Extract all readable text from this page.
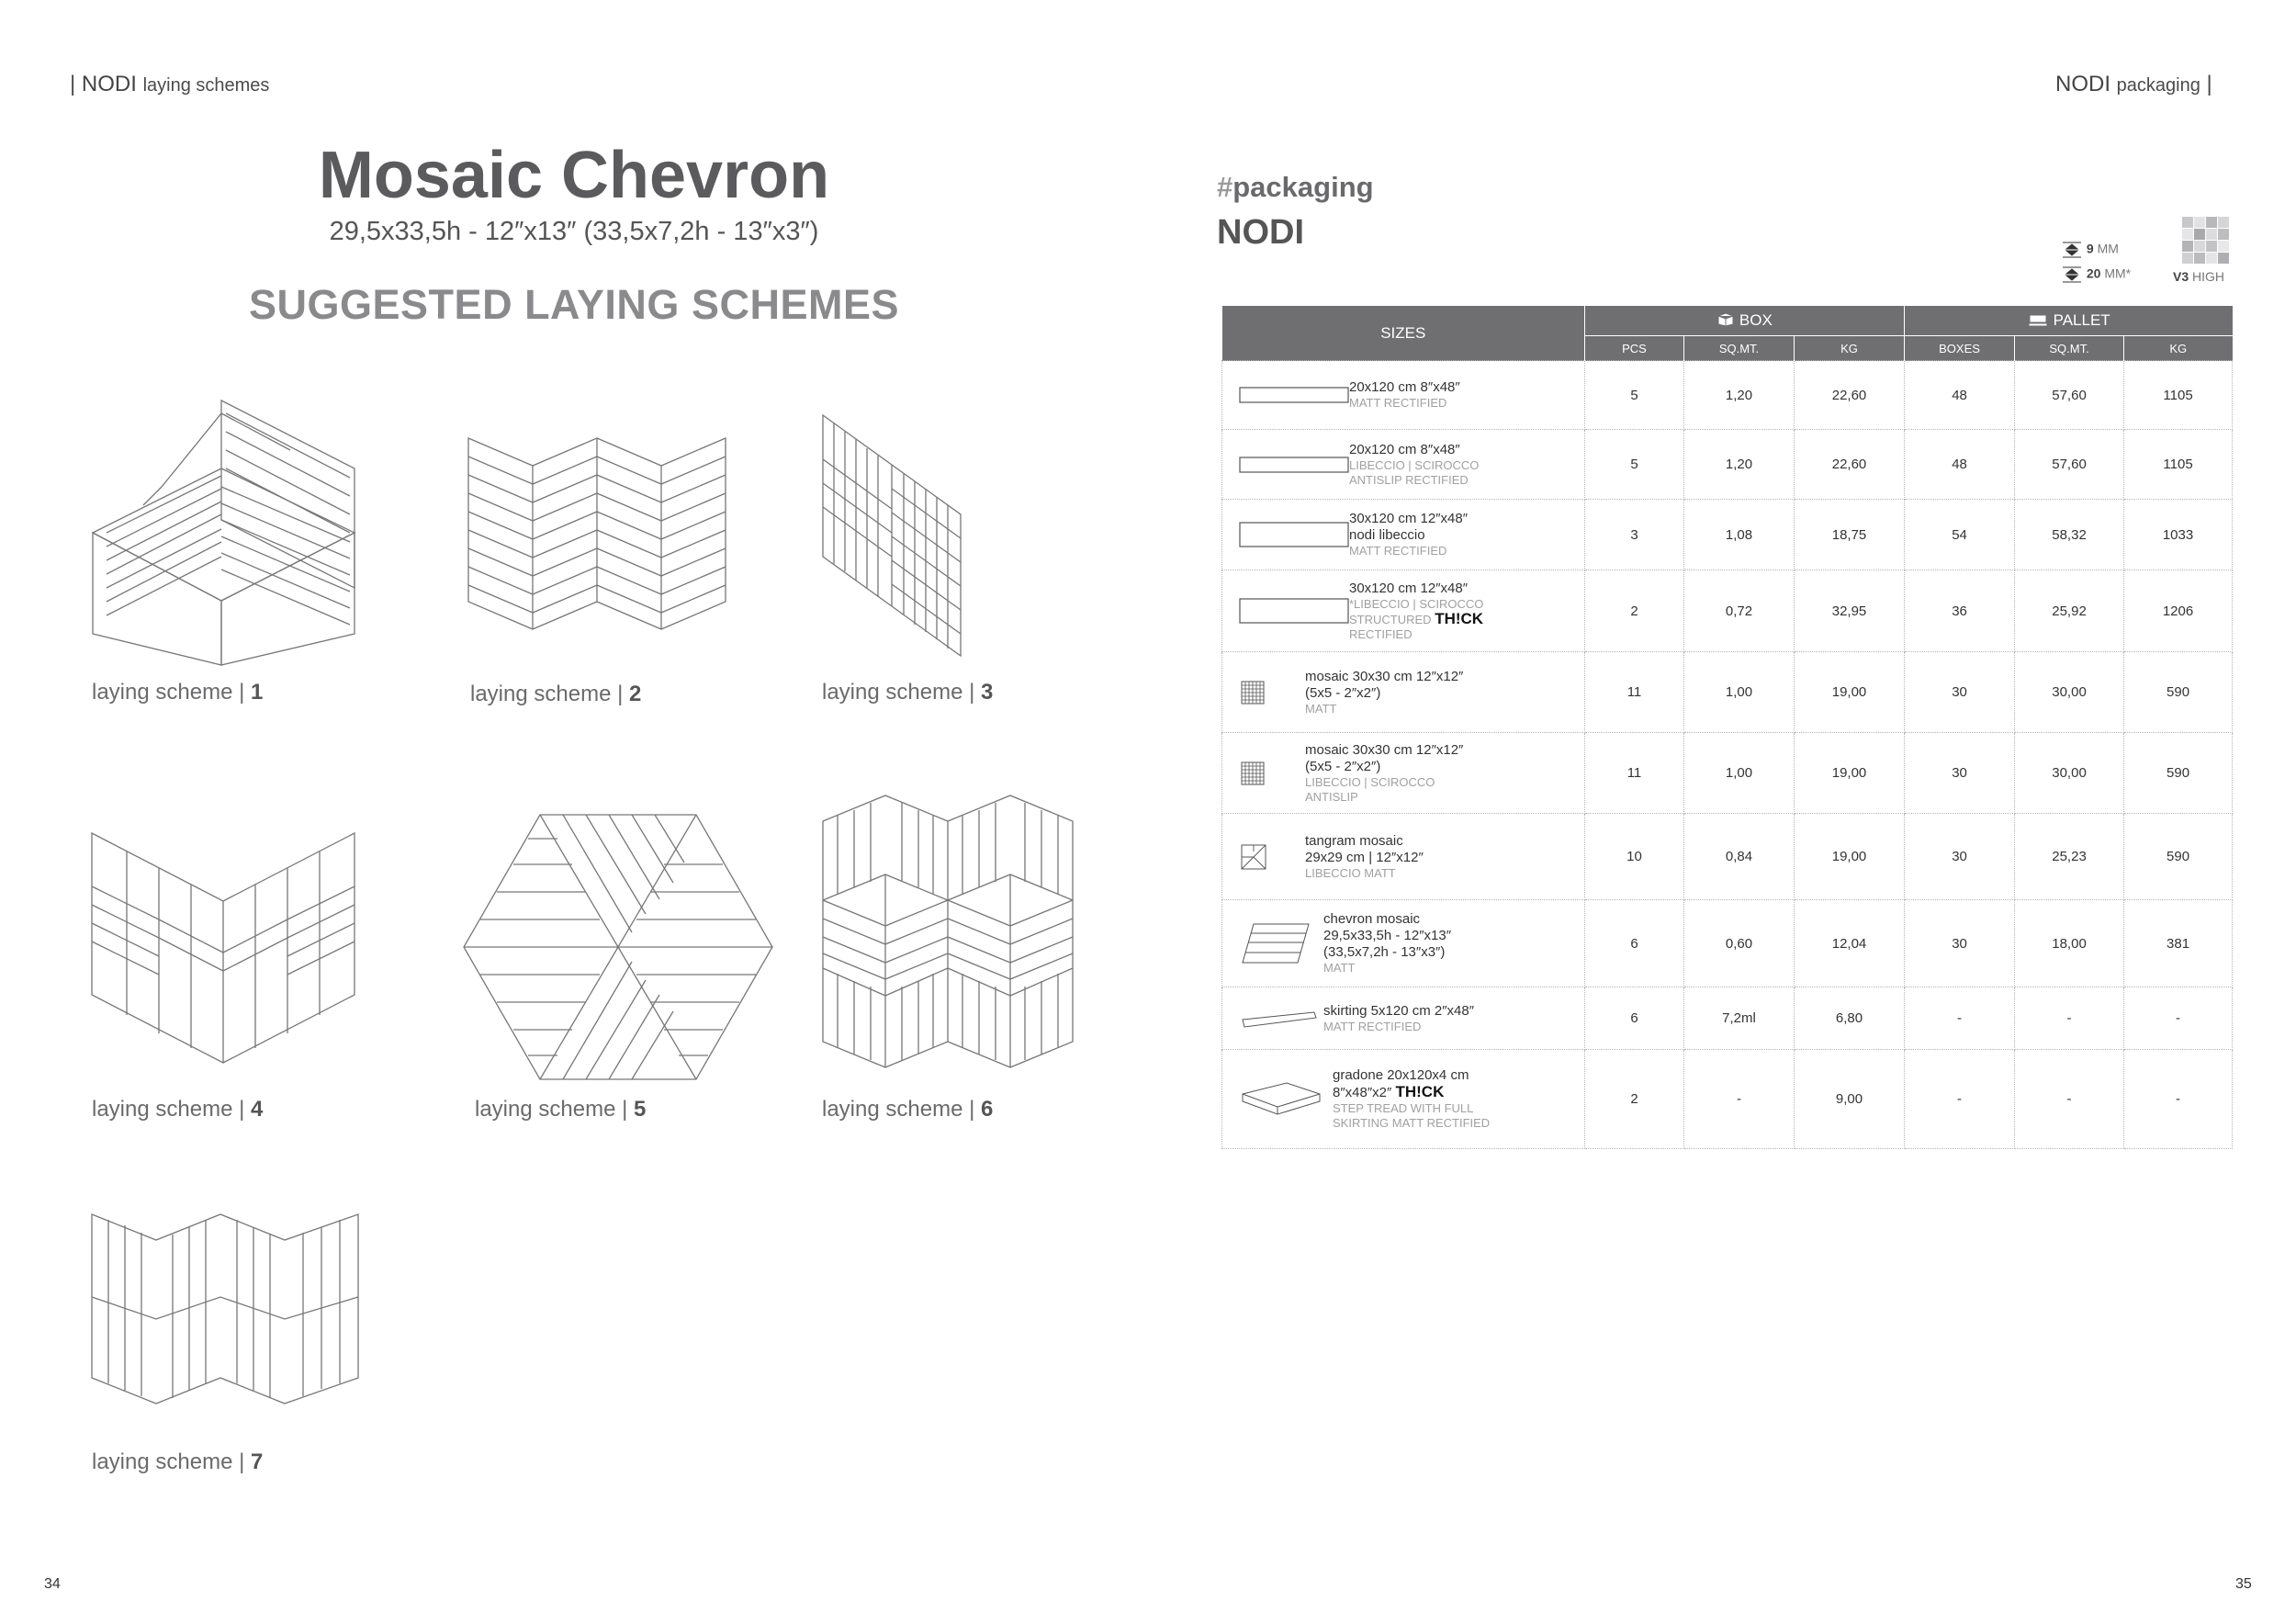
| NODI laying schemes	NODI packaging |
Mosaic Chevron
29,5x33,5h - 12″x13″ (33,5x7,2h - 13″x3″)
SUGGESTED LAYING SCHEMES
laying scheme | 1	laying scheme | 2	laying scheme | 3
laying scheme | 4	laying scheme | 5	laying scheme | 6
laying scheme | 7
#packaging
NODI	9 MM
20 MM*	V3 HIGH
SIZES	BOX			PALLET		
	PCS	SQ.MT.	KG	BOXES	SQ.MT.	KG

20x120 cm 8″x48″
MATT RECTIFIED	5	1,20	22,60	48	57,60	1105

20x120 cm 8″x48″
LIBECCIO | SCIROCCO
ANTISLIP RECTIFIED	5	1,20	22,60	48	57,60	1105

30x120 cm 12″x48″
nodi libeccio
MATT RECTIFIED	3	1,08	18,75	54	58,32	1033

30x120 cm 12″x48″
*LIBECCIO | SCIROCCO
STRUCTURED TH!CK
RECTIFIED	2	0,72	32,95	36	25,92	1206

mosaic 30x30 cm 12″x12″
(5x5 - 2″x2″)
MATT	11	1,00	19,00	30	30,00	590

mosaic 30x30 cm 12″x12″
(5x5 - 2″x2″)
LIBECCIO | SCIROCCO
ANTISLIP	11	1,00	19,00	30	30,00	590

tangram mosaic
29x29 cm | 12″x12″
LIBECCIO MATT	10	0,84	19,00	30	25,23	590

chevron mosaic
29,5x33,5h - 12″x13″
(33,5x7,2h - 13″x3″)
MATT	6	0,60	12,04	30	18,00	381

skirting 5x120 cm 2″x48″
MATT RECTIFIED	6	7,2ml	6,80	-	-	-

gradone 20x120x4 cm
8″x48″x2″ TH!CK
STEP TREAD WITH FULL
SKIRTING MATT RECTIFIED	2	-	9,00	-	-	-
34	35
